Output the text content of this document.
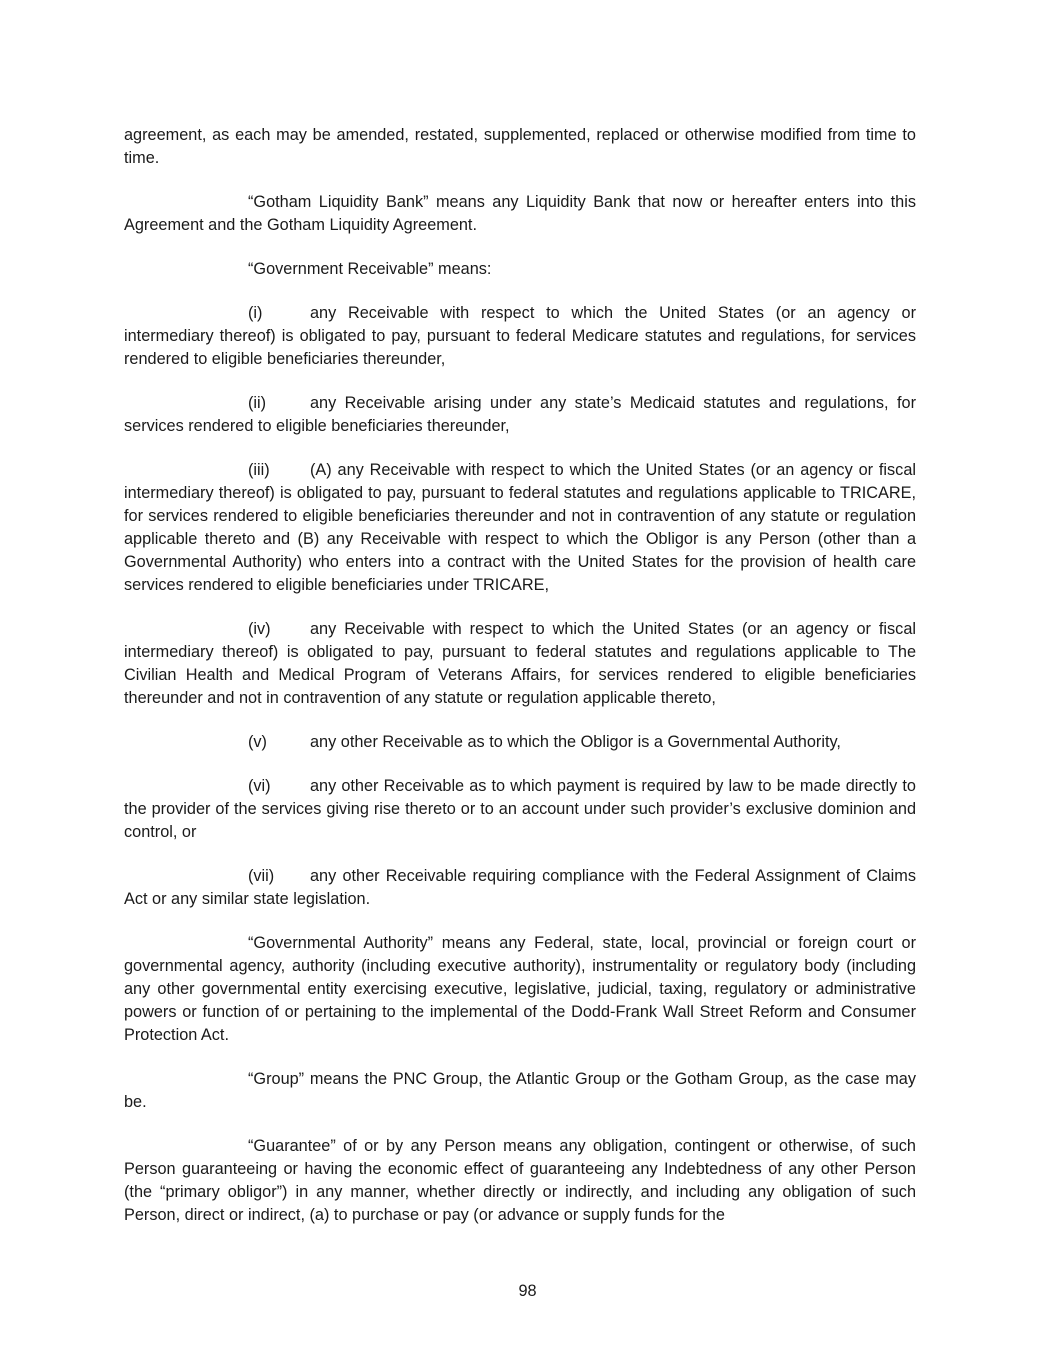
agreement, as each may be amended, restated, supplemented, replaced or otherwise modified from time to time.

“Gotham Liquidity Bank” means any Liquidity Bank that now or hereafter enters into this Agreement and the Gotham Liquidity Agreement.

“Government Receivable” means:

(i)	any Receivable with respect to which the United States (or an agency or intermediary thereof) is obligated to pay, pursuant to federal Medicare statutes and regulations, for services rendered to eligible beneficiaries thereunder,

(ii)	any Receivable arising under any state’s Medicaid statutes and regulations, for services rendered to eligible beneficiaries thereunder,

(iii) (A) any Receivable with respect to which the United States (or an agency or fiscal intermediary thereof) is obligated to pay, pursuant to federal statutes and regulations applicable to TRICARE, for services rendered to eligible beneficiaries thereunder and not in contravention of any statute or regulation applicable thereto and (B) any Receivable with respect to which the Obligor is any Person (other than a Governmental Authority) who enters into a contract with the United States for the provision of health care services rendered to eligible beneficiaries under TRICARE,

(iv) any Receivable with respect to which the United States (or an agency or fiscal intermediary thereof) is obligated to pay, pursuant to federal statutes and regulations applicable to The Civilian Health and Medical Program of Veterans Affairs, for services rendered to eligible beneficiaries thereunder and not in contravention of any statute or regulation applicable thereto,

(v)	any other Receivable as to which the Obligor is a Governmental Authority,

(vi) any other Receivable as to which payment is required by law to be made directly to the provider of the services giving rise thereto or to an account under such provider’s exclusive dominion and control, or

(vii) any other Receivable requiring compliance with the Federal Assignment of Claims Act or any similar state legislation.

“Governmental Authority” means any Federal, state, local, provincial or foreign court or governmental agency, authority (including executive authority), instrumentality or regulatory body (including any other governmental entity exercising executive, legislative, judicial, taxing, regulatory or administrative powers or function of or pertaining to the implemental of the Dodd-Frank Wall Street Reform and Consumer Protection Act.

“Group” means the PNC Group, the Atlantic Group or the Gotham Group, as the case may be.

“Guarantee” of or by any Person means any obligation, contingent or otherwise, of such Person guaranteeing or having the economic effect of guaranteeing any Indebtedness of any other Person (the “primary obligor”) in any manner, whether directly or indirectly, and including any obligation of such Person, direct or indirect, (a) to purchase or pay (or advance or supply funds for the

98
